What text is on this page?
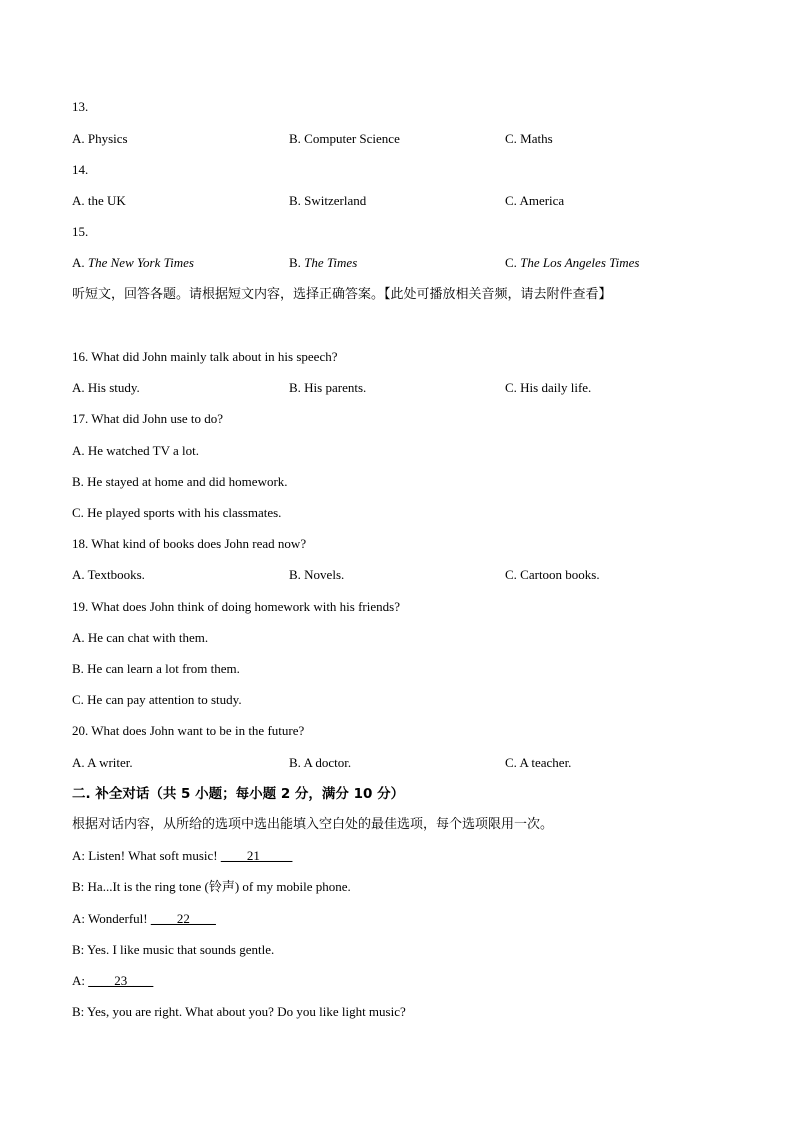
13.
A. Physics	B. Computer Science	C. Maths
14.
A. the UK	B. Switzerland	C. America
15.
A. The New York Times	B. The Times	C. The Los Angeles Times
听短文，回答各题。请根据短文内容，选择正确答案。【此处可播放相关音频，请去附件查看】
16. What did John mainly talk about in his speech?
A. His study.	B. His parents.	C. His daily life.
17. What did John use to do?
A. He watched TV a lot.
B. He stayed at home and did homework.
C. He played sports with his classmates.
18. What kind of books does John read now?
A. Textbooks.	B. Novels.	C. Cartoon books.
19. What does John think of doing homework with his friends?
A. He can chat with them.
B. He can learn a lot from them.
C. He can pay attention to study.
20. What does John want to be in the future?
A. A writer.	B. A doctor.	C. A teacher.
二. 补全对话（共 5 小题；每小题 2 分，满分 10 分）
根据对话内容，从所给的选项中选出能填入空白处的最佳选项，每个选项限用一次。
A: Listen! What soft music! ____21_____
B: Ha...It is the ring tone (铃声) of my mobile phone.
A: Wonderful! ____22____
B: Yes. I like music that sounds gentle.
A: ____23____
B: Yes, you are right. What about you? Do you like light music?
